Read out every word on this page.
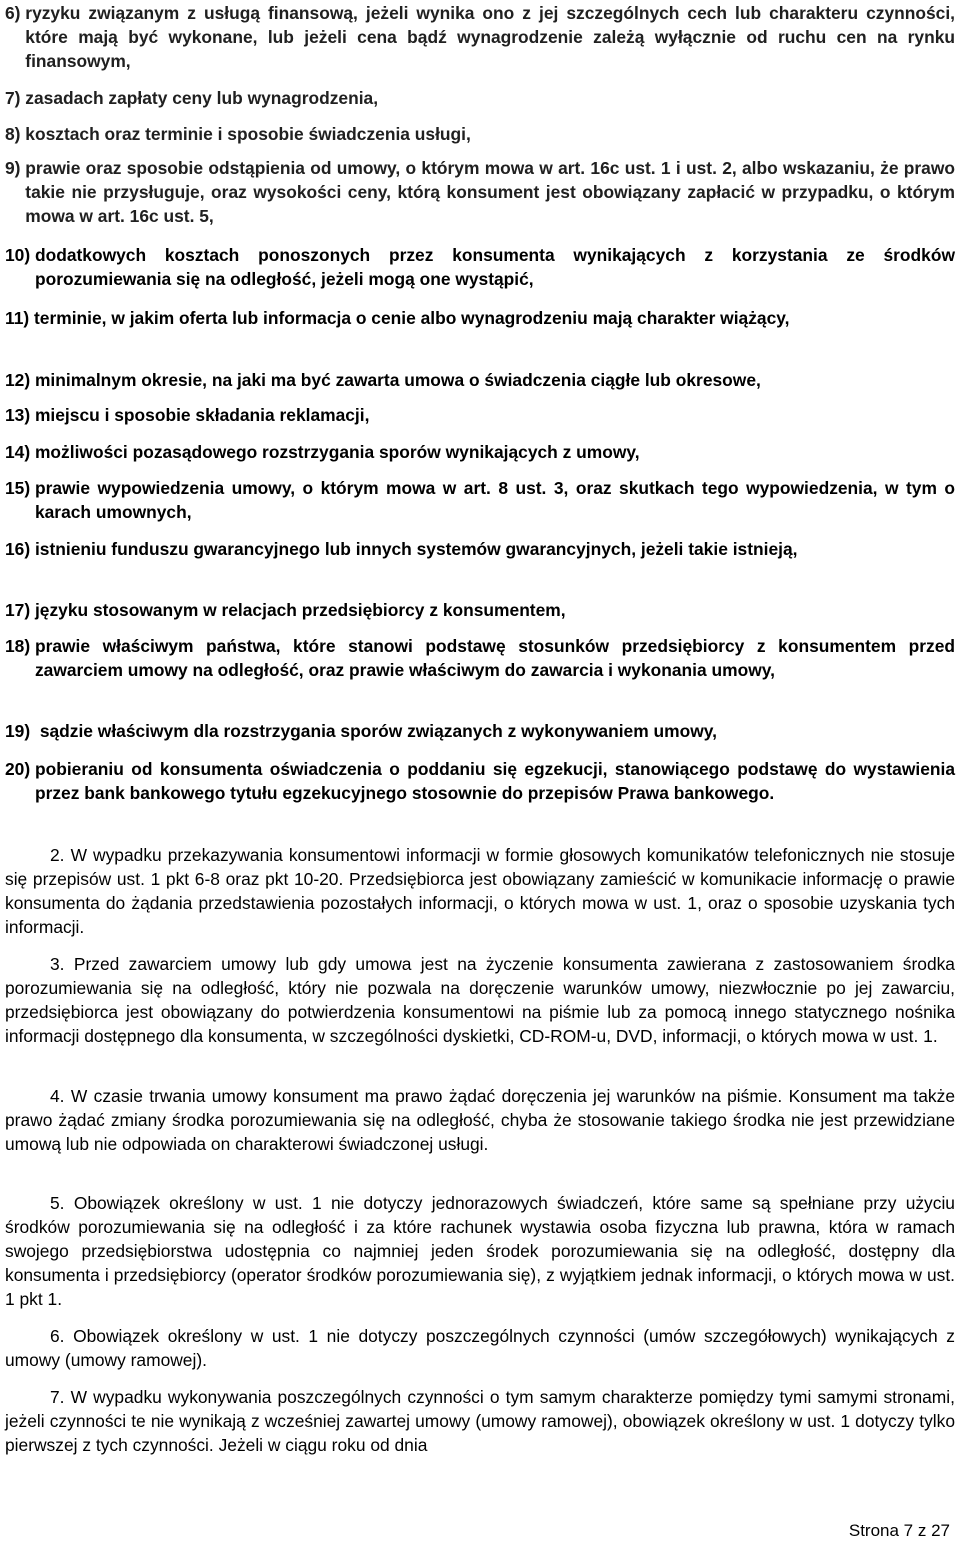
6) ryzyku związanym z usługą finansową, jeżeli wynika ono z jej szczególnych cech lub charakteru czynności, które mają być wykonane, lub jeżeli cena bądź wynagrodzenie zależą wyłącznie od ruchu cen na rynku finansowym,
7) zasadach zapłaty ceny lub wynagrodzenia,
8) kosztach oraz terminie i sposobie świadczenia usługi,
9) prawie oraz sposobie odstąpienia od umowy, o którym mowa w art. 16c ust. 1 i ust. 2, albo wskazaniu, że prawo takie nie przysługuje, oraz wysokości ceny, którą konsument jest obowiązany zapłacić w przypadku, o którym mowa w art. 16c ust. 5,
10) dodatkowych kosztach ponoszonych przez konsumenta wynikających z korzystania ze środków porozumiewania się na odległość, jeżeli mogą one wystąpić,
11) terminie, w jakim oferta lub informacja o cenie albo wynagrodzeniu mają charakter wiążący,
12) minimalnym okresie, na jaki ma być zawarta umowa o świadczenia ciągłe lub okresowe,
13) miejscu i sposobie składania reklamacji,
14) możliwości pozasądowego rozstrzygania sporów wynikających z umowy,
15) prawie wypowiedzenia umowy, o którym mowa w art. 8 ust. 3, oraz skutkach tego wypowiedzenia, w tym o karach umownych,
16) istnieniu funduszu gwarancyjnego lub innych systemów gwarancyjnych, jeżeli takie istnieją,
17) języku stosowanym w relacjach przedsiębiorcy z konsumentem,
18) prawie właściwym państwa, które stanowi podstawę stosunków przedsiębiorcy z konsumentem przed zawarciem umowy na odległość, oraz prawie właściwym do zawarcia i wykonania umowy,
19) sądzie właściwym dla rozstrzygania sporów związanych z wykonywaniem umowy,
20) pobieraniu od konsumenta oświadczenia o poddaniu się egzekucji, stanowiącego podstawę do wystawienia przez bank bankowego tytułu egzekucyjnego stosownie do przepisów Prawa bankowego.

2. W wypadku przekazywania konsumentowi informacji w formie głosowych komunikatów telefonicznych nie stosuje się przepisów ust. 1 pkt 6-8 oraz pkt 10-20. Przedsiębiorca jest obowiązany zamieścić w komunikacie informację o prawie konsumenta do żądania przedstawienia pozostałych informacji, o których mowa w ust. 1, oraz o sposobie uzyskania tych informacji.

3. Przed zawarciem umowy lub gdy umowa jest na życzenie konsumenta zawierana z zastosowaniem środka porozumiewania się na odległość, który nie pozwala na doręczenie warunków umowy, niezwłocznie po jej zawarciu, przedsiębiorca jest obowiązany do potwierdzenia konsumentowi na piśmie lub za pomocą innego statycznego nośnika informacji dostępnego dla konsumenta, w szczególności dyskietki, CD-ROM-u, DVD, informacji, o których mowa w ust. 1.

4. W czasie trwania umowy konsument ma prawo żądać doręczenia jej warunków na piśmie. Konsument ma także prawo żądać zmiany środka porozumiewania się na odległość, chyba że stosowanie takiego środka nie jest przewidziane umową lub nie odpowiada on charakterowi świadczonej usługi.

5. Obowiązek określony w ust. 1 nie dotyczy jednorazowych świadczeń, które same są spełniane przy użyciu środków porozumiewania się na odległość i za które rachunek wystawia osoba fizyczna lub prawna, która w ramach swojego przedsiębiorstwa udostępnia co najmniej jeden środek porozumiewania się na odległość, dostępny dla konsumenta i przedsiębiorcy (operator środków porozumiewania się), z wyjątkiem jednak informacji, o których mowa w ust. 1 pkt 1.

6. Obowiązek określony w ust. 1 nie dotyczy poszczególnych czynności (umów szczegółowych) wynikających z umowy (umowy ramowej).

7. W wypadku wykonywania poszczególnych czynności o tym samym charakterze pomiędzy tymi samymi stronami, jeżeli czynności te nie wynikają z wcześniej zawartej umowy (umowy ramowej), obowiązek określony w ust. 1 dotyczy tylko pierwszej z tych czynności. Jeżeli w ciągu roku od dnia

Strona 7 z 27
